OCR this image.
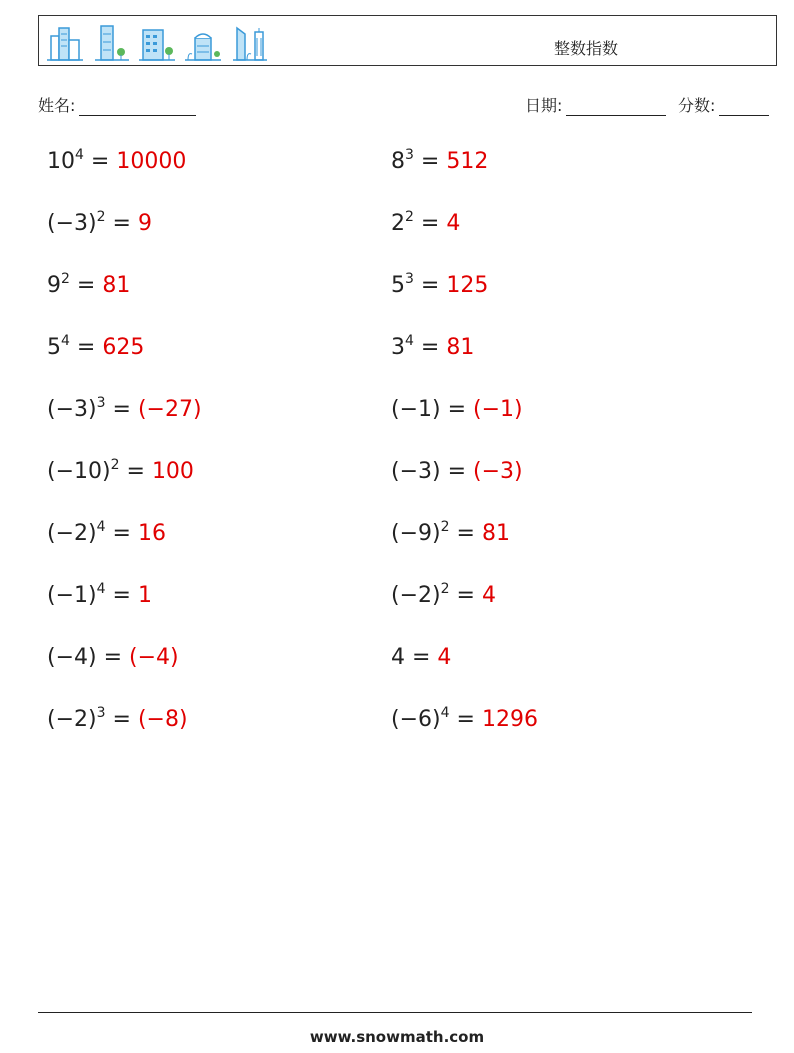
整数指数
姓名:	日期:	分数:
$10^4 = 10000$	$8^3 = 512$
$(-3)^2 = 9$	$2^2 = 4$
$9^2 = 81$	$5^3 = 125$
$5^4 = 625$	$3^4 = 81$
$(-3)^3 = (-27)$	(−1) = (−1)
$(-10)^2 = 100$	(−3) = (−3)
$(-2)^4 = 16$	$(-9)^2 = 81$
$(-1)^4 = 1$	$(-2)^2 = 4$
(−4) = (−4)	4 = 4
$(-2)^3 = (-8)$	$(-6)^4 = 1296$
www.snowmath.com
